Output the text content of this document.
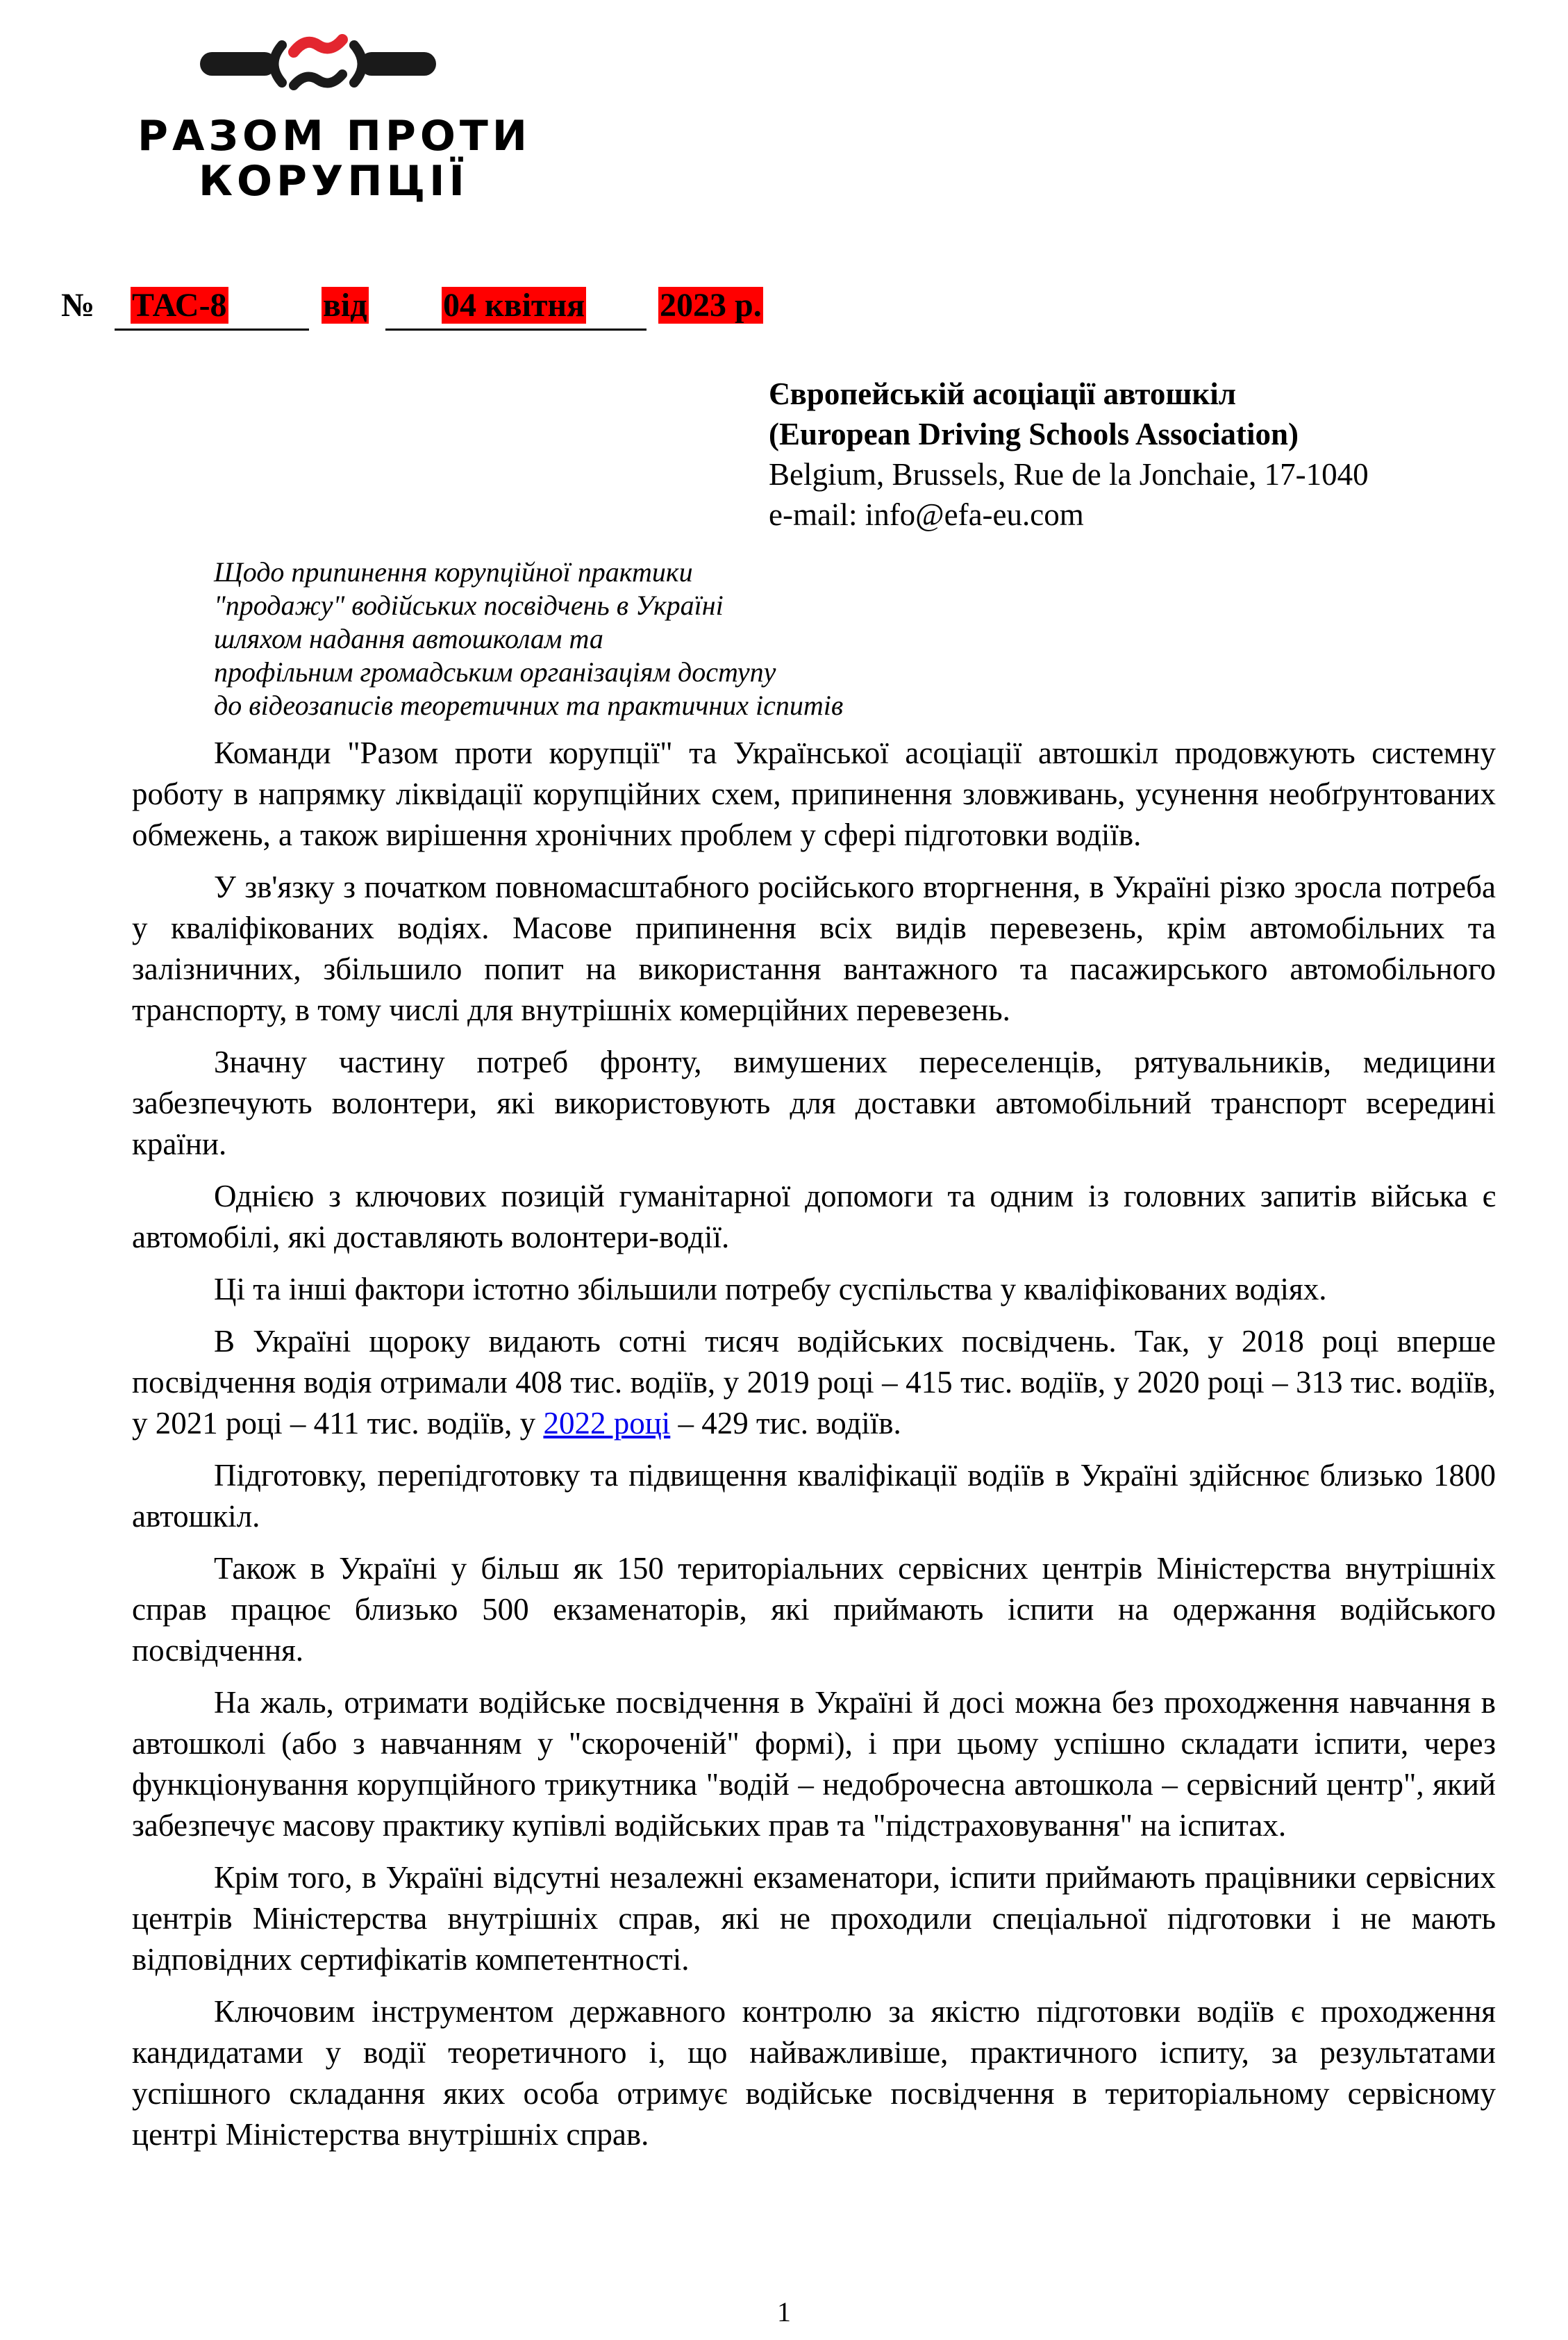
РАЗОМ ПРОТИ
КОРУПЦІЇ
№ ТАС-8	від 04 квітня 2023 р.
Європейській асоціації автошкіл
(European Driving Schools Association)
Belgium, Brussels, Rue de la Jonchaie, 17-1040
e-mail: info@efa-eu.com
Щодо припинення корупційної практики
"продажу" водійських посвідчень в Україні
шляхом надання автошколам та
профільним громадським організаціям доступу
до відеозаписів теоретичних та практичних іспитів

Команди "Разом проти корупції" та Української асоціації автошкіл продовжують системну роботу в напрямку ліквідації корупційних схем, припинення зловживань, усунення необґрунтованих обмежень, а також вирішення хронічних проблем у сфері підготовки водіїв.

У зв'язку з початком повномасштабного російського вторгнення, в Україні різко зросла потреба у кваліфікованих водіях. Масове припинення всіх видів перевезень, крім автомобільних та залізничних, збільшило попит на використання вантажного та пасажирського автомобільного транспорту, в тому числі для внутрішніх комерційних перевезень.

Значну частину потреб фронту, вимушених переселенців, рятувальників, медицини забезпечують волонтери, які використовують для доставки автомобільний транспорт всередині країни.

Однією з ключових позицій гуманітарної допомоги та одним із головних запитів війська є автомобілі, які доставляють волонтери-водії.

Ці та інші фактори істотно збільшили потребу суспільства у кваліфікованих водіях.

В Україні щороку видають сотні тисяч водійських посвідчень. Так, у 2018 році вперше посвідчення водія отримали 408 тис. водіїв, у 2019 році – 415 тис. водіїв, у 2020 році – 313 тис. водіїв, у 2021 році – 411 тис. водіїв, у 2022 році – 429 тис. водіїв.

Підготовку, перепідготовку та підвищення кваліфікації водіїв в Україні здійснює близько 1800 автошкіл.

Також в Україні у більш як 150 територіальних сервісних центрів Міністерства внутрішніх справ працює близько 500 екзаменаторів, які приймають іспити на одержання водійського посвідчення.

На жаль, отримати водійське посвідчення в Україні й досі можна без проходження навчання в автошколі (або з навчанням у "скороченій" формі), і при цьому успішно складати іспити, через функціонування корупційного трикутника "водій – недоброчесна автошкола – сервісний центр", який забезпечує масову практику купівлі водійських прав та "підстраховування" на іспитах.

Крім того, в Україні відсутні незалежні екзаменатори, іспити приймають працівники сервісних центрів Міністерства внутрішніх справ, які не проходили спеціальної підготовки і не мають відповідних сертифікатів компетентності.

Ключовим інструментом державного контролю за якістю підготовки водіїв є проходження кандидатами у водії теоретичного і, що найважливіше, практичного іспиту, за результатами успішного складання яких особа отримує водійське посвідчення в територіальному сервісному центрі Міністерства внутрішніх справ.

1
